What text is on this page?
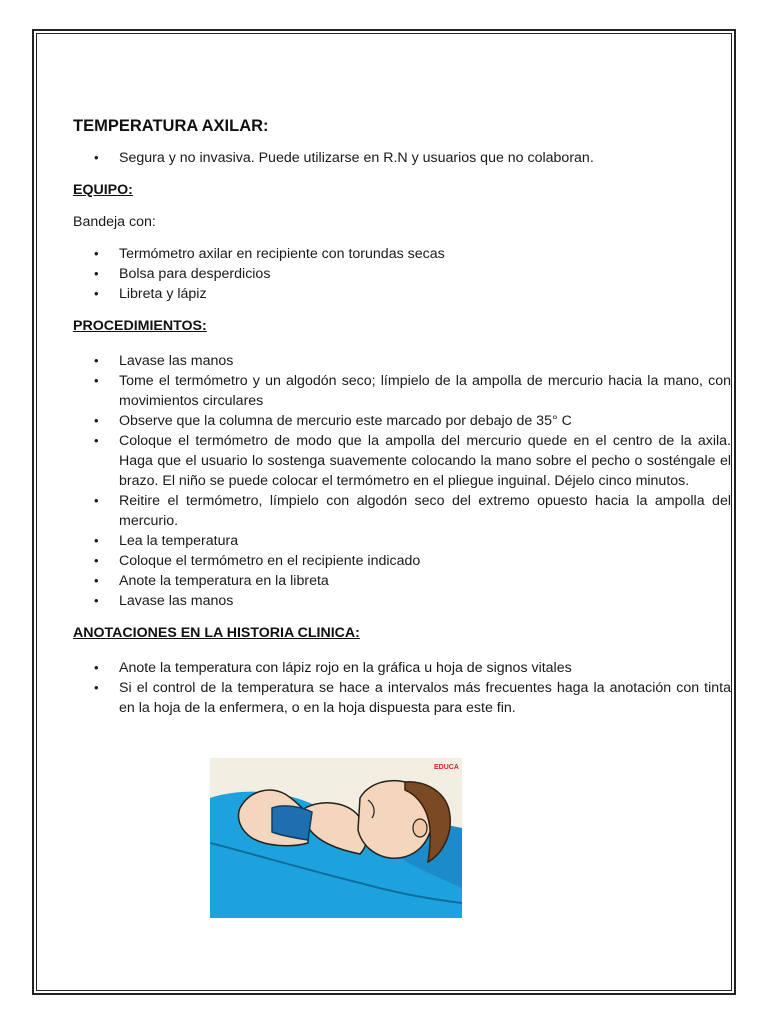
TEMPERATURA AXILAR:
• Segura y no invasiva. Puede utilizarse en R.N y usuarios que no colaboran.
EQUIPO:

Bandeja con:

• Termómetro axilar en recipiente con torundas secas
• Bolsa para desperdicios
• Libreta y lápiz
PROCEDIMIENTOS:
• Lavase las manos
• Tome el termómetro y un algodón seco; límpielo de la ampolla de mercurio hacia la mano, con movimientos circulares
• Observe que la columna de mercurio este marcado por debajo de 35° C
• Coloque el termómetro de modo que la ampolla del mercurio quede en el centro de la axila. Haga que el usuario lo sostenga suavemente colocando la mano sobre el pecho o sosténgale el brazo. El niño se puede colocar el termómetro en el pliegue inguinal. Déjelo cinco minutos.
• Reitire el termómetro, límpielo con algodón seco del extremo opuesto hacia la ampolla del mercurio.
• Lea la temperatura
• Coloque el termómetro en el recipiente indicado
• Anote la temperatura en la libreta
• Lavase las manos
ANOTACIONES EN LA HISTORIA CLINICA:
• Anote la temperatura con lápiz rojo en la gráfica u hoja de signos vitales
• Si el control de la temperatura se hace a intervalos más frecuentes haga la anotación con tinta en la hoja de la enfermera, o en la hoja dispuesta para este fin.
EDUCA
